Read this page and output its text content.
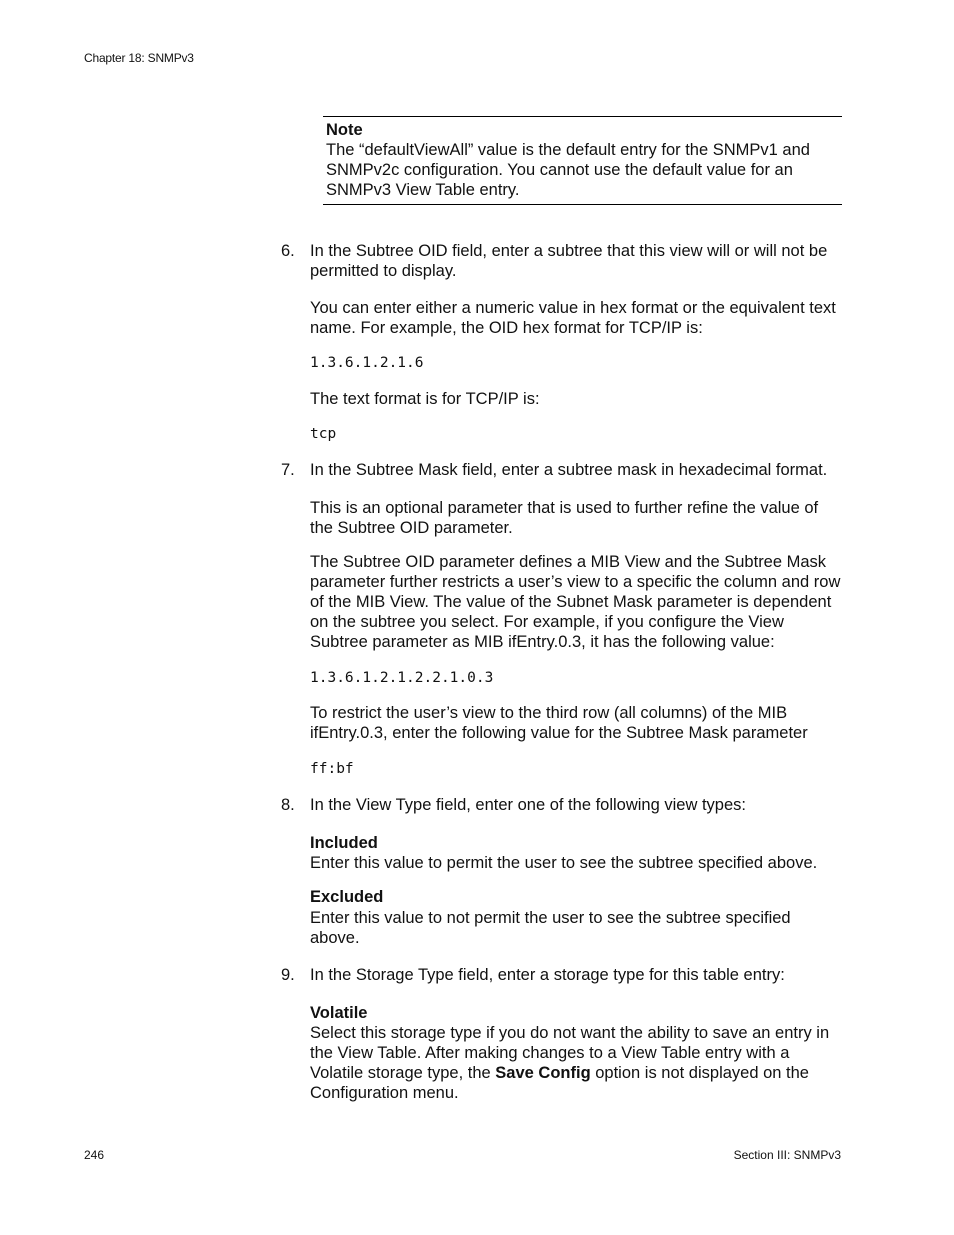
Chapter 18: SNMPv3
Note
The “defaultViewAll” value is the default entry for the SNMPv1 and SNMPv2c configuration. You cannot use the default value for an SNMPv3 View Table entry.
6. In the Subtree OID field, enter a subtree that this view will or will not be permitted to display.
You can enter either a numeric value in hex format or the equivalent text name. For example, the OID hex format for TCP/IP is:
1.3.6.1.2.1.6
The text format is for TCP/IP is:
tcp
7. In the Subtree Mask field, enter a subtree mask in hexadecimal format.
This is an optional parameter that is used to further refine the value of the Subtree OID parameter.
The Subtree OID parameter defines a MIB View and the Subtree Mask parameter further restricts a user’s view to a specific the column and row of the MIB View. The value of the Subnet Mask parameter is dependent on the subtree you select. For example, if you configure the View Subtree parameter as MIB ifEntry.0.3, it has the following value:
1.3.6.1.2.1.2.2.1.0.3
To restrict the user’s view to the third row (all columns) of the MIB ifEntry.0.3, enter the following value for the Subtree Mask parameter
ff:bf
8. In the View Type field, enter one of the following view types:
Included
Enter this value to permit the user to see the subtree specified above.
Excluded
Enter this value to not permit the user to see the subtree specified above.
9. In the Storage Type field, enter a storage type for this table entry:
Volatile
Select this storage type if you do not want the ability to save an entry in the View Table. After making changes to a View Table entry with a Volatile storage type, the Save Config option is not displayed on the Configuration menu.
246	Section III: SNMPv3
